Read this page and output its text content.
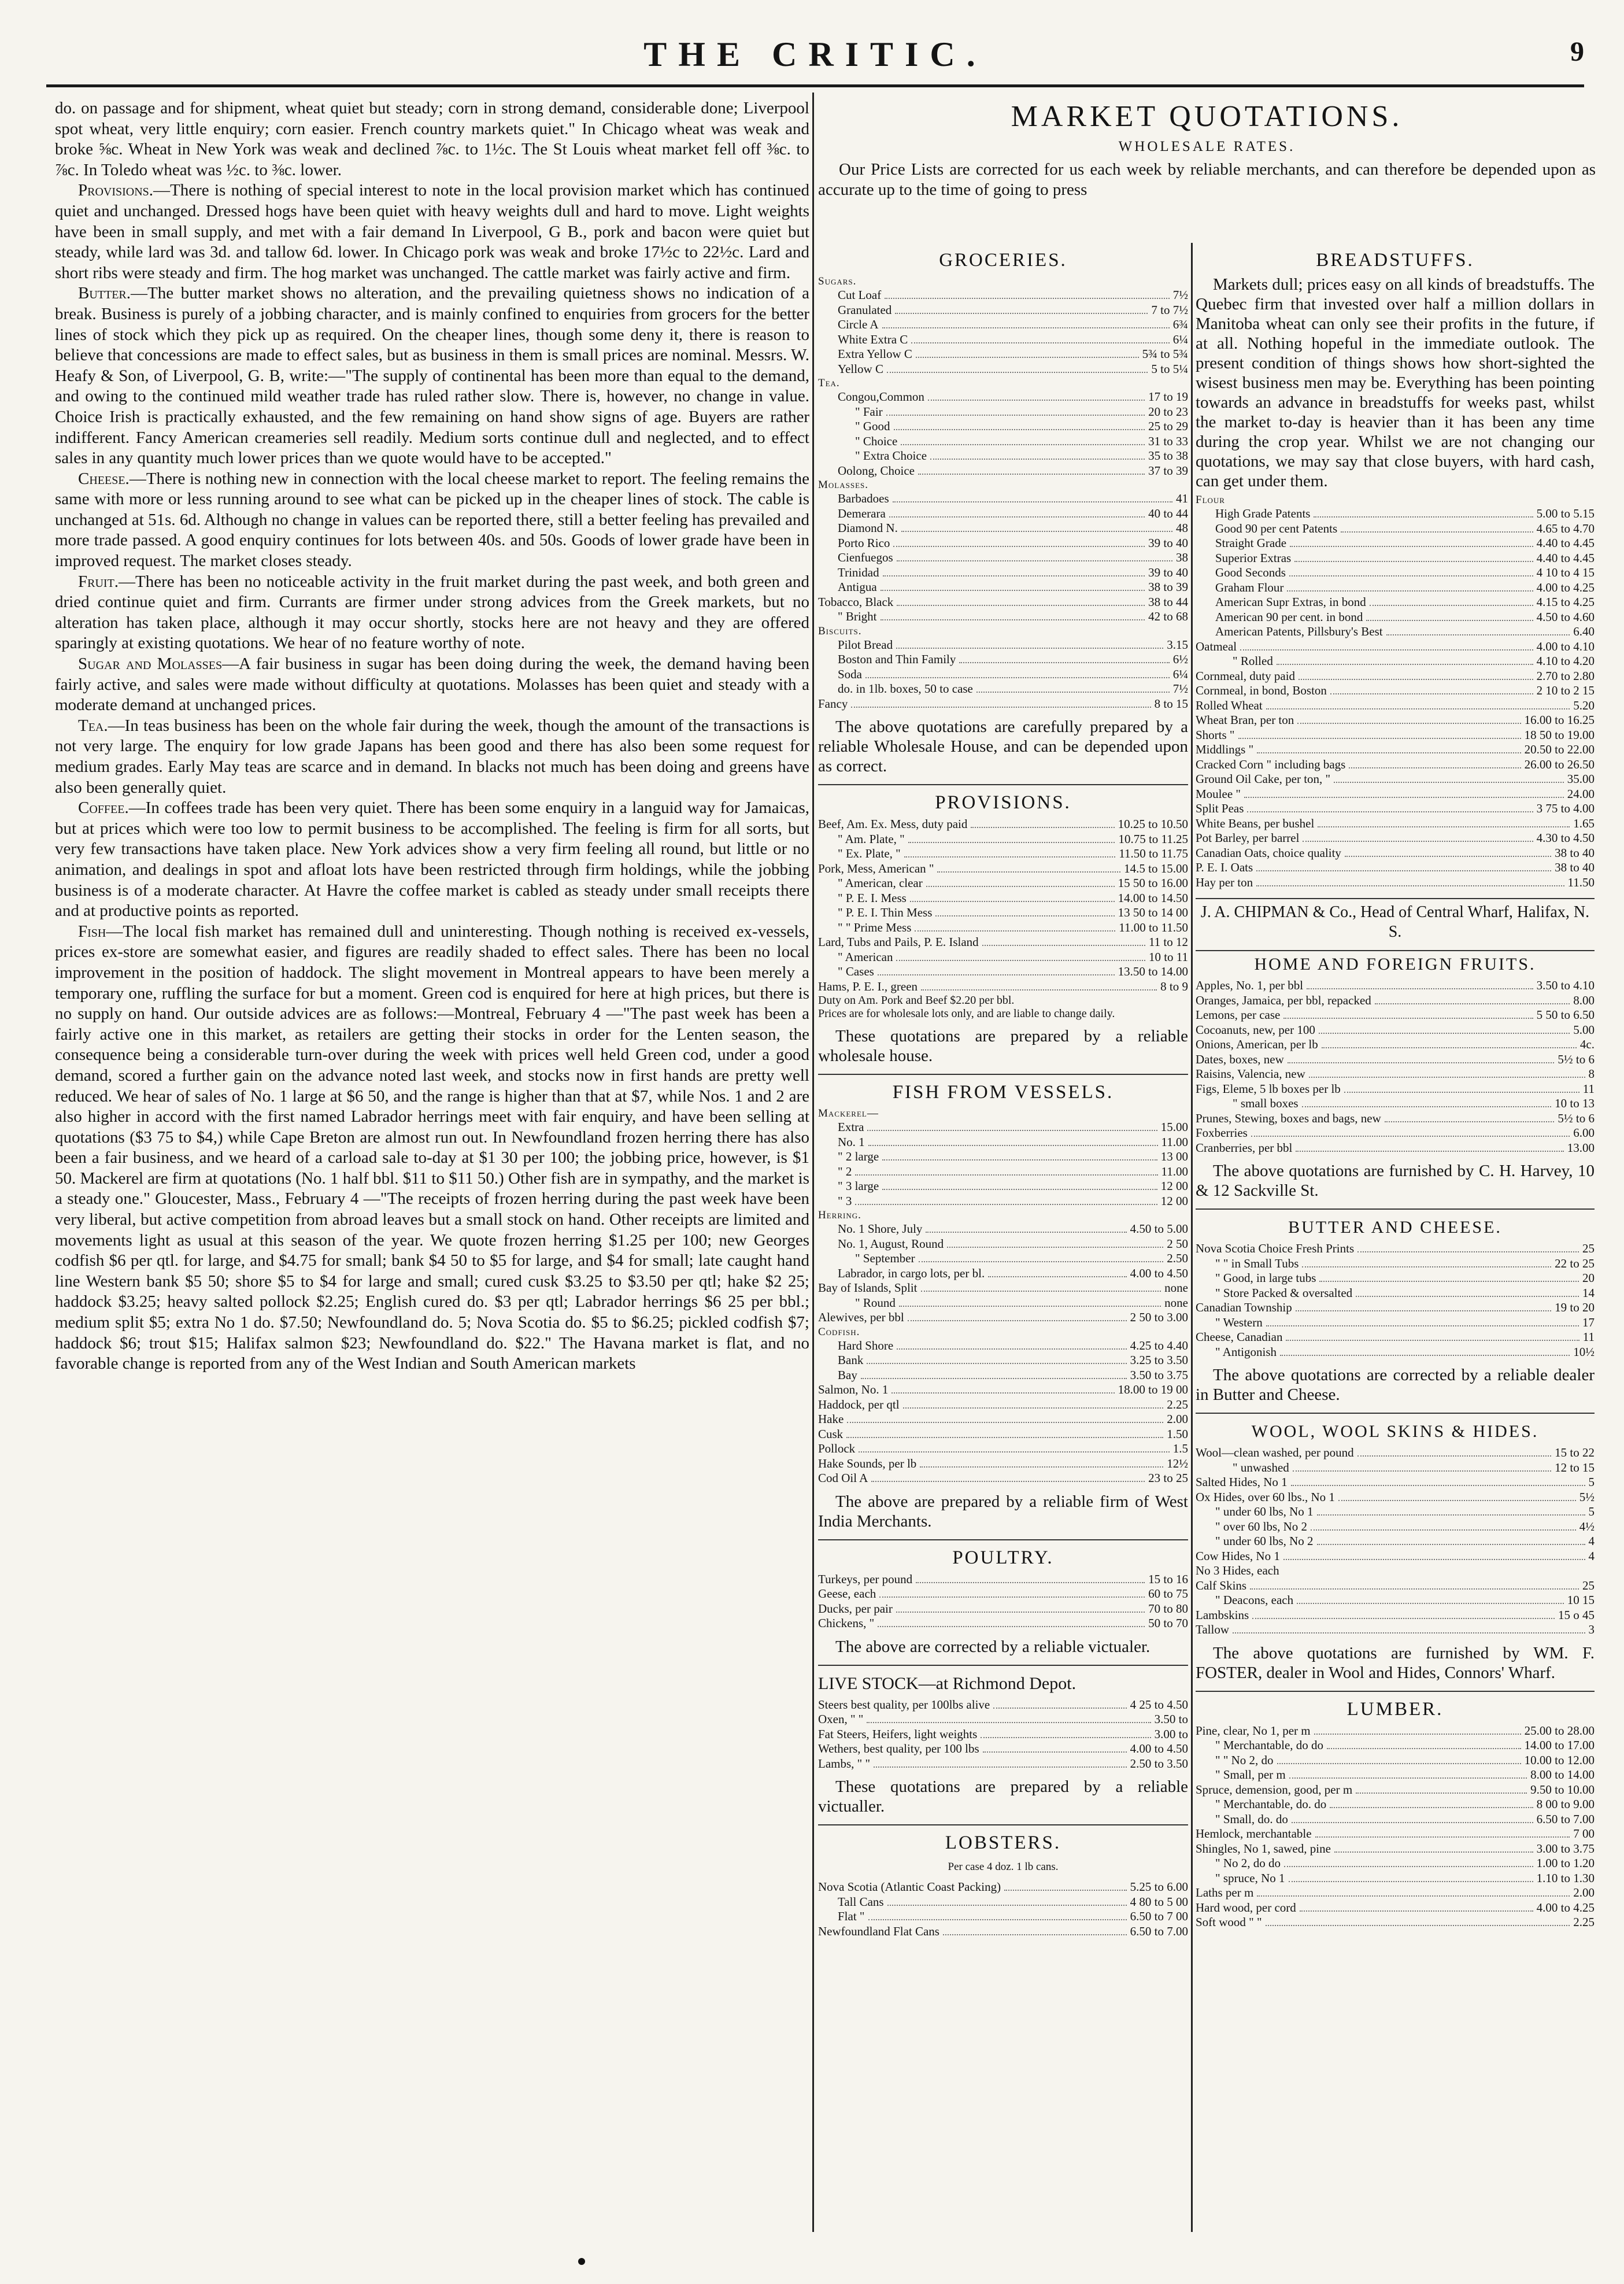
THE CRITIC.	9

do. on passage and for shipment, wheat quiet but steady; corn in strong demand, considerable done; Liverpool spot wheat, very little enquiry; corn easier. French country markets quiet." In Chicago wheat was weak and broke ⅝c. Wheat in New York was weak and declined ⅞c. to 1½c. The St Louis wheat market fell off ⅜c. to ⅞c. In Toledo wheat was ½c. to ⅜c. lower.

Provisions.—There is nothing of special interest to note in the local provision market which has continued quiet and unchanged. Dressed hogs have been quiet with heavy weights dull and hard to move. Light weights have been in small supply, and met with a fair demand In Liverpool, G B., pork and bacon were quiet but steady, while lard was 3d. and tallow 6d. lower. In Chicago pork was weak and broke 17½c to 22½c. Lard and short ribs were steady and firm. The hog market was unchanged. The cattle market was fairly active and firm.

Butter.—The butter market shows no alteration, and the prevailing quietness shows no indication of a break. Business is purely of a jobbing character, and is mainly confined to enquiries from grocers for the better lines of stock which they pick up as required. On the cheaper lines, though some deny it, there is reason to believe that concessions are made to effect sales, but as business in them is small prices are nominal. Messrs. W. Heafy & Son, of Liverpool, G. B, write:—"The supply of continental has been more than equal to the demand, and owing to the continued mild weather trade has ruled rather slow. There is, however, no change in value. Choice Irish is practically exhausted, and the few remaining on hand show signs of age. Buyers are rather indifferent. Fancy American creameries sell readily. Medium sorts continue dull and neglected, and to effect sales in any quantity much lower prices than we quote would have to be accepted."

Cheese.—There is nothing new in connection with the local cheese market to report. The feeling remains the same with more or less running around to see what can be picked up in the cheaper lines of stock. The cable is unchanged at 51s. 6d. Although no change in values can be reported there, still a better feeling has prevailed and more trade passed. A good enquiry continues for lots between 40s. and 50s. Goods of lower grade have been in improved request. The market closes steady.

Fruit.—There has been no noticeable activity in the fruit market during the past week, and both green and dried continue quiet and firm. Currants are firmer under strong advices from the Greek markets, but no alteration has taken place, although it may occur shortly, stocks here are not heavy and they are offered sparingly at existing quotations. We hear of no feature worthy of note.

Sugar and Molasses—A fair business in sugar has been doing during the week, the demand having been fairly active, and sales were made without difficulty at quotations. Molasses has been quiet and steady with a moderate demand at unchanged prices.

Tea.—In teas business has been on the whole fair during the week, though the amount of the transactions is not very large. The enquiry for low grade Japans has been good and there has also been some request for medium grades. Early May teas are scarce and in demand. In blacks not much has been doing and greens have also been generally quiet.

Coffee.—In coffees trade has been very quiet. There has been some enquiry in a languid way for Jamaicas, but at prices which were too low to permit business to be accomplished. The feeling is firm for all sorts, but very few transactions have taken place. New York advices show a very firm feeling all round, but little or no animation, and dealings in spot and afloat lots have been restricted through firm holdings, while the jobbing business is of a moderate character. At Havre the coffee market is cabled as steady under small receipts there and at productive points as reported.

Fish—The local fish market has remained dull and uninteresting. Though nothing is received ex-vessels, prices ex-store are somewhat easier, and figures are readily shaded to effect sales. There has been no local improvement in the position of haddock. The slight movement in Montreal appears to have been merely a temporary one, ruffling the surface for but a moment. Green cod is enquired for here at high prices, but there is no supply on hand. Our outside advices are as follows:—Montreal, February 4 —"The past week has been a fairly active one in this market, as retailers are getting their stocks in order for the Lenten season, the consequence being a considerable turn-over during the week with prices well held Green cod, under a good demand, scored a further gain on the advance noted last week, and stocks now in first hands are pretty well reduced. We hear of sales of No. 1 large at $6 50, and the range is higher than that at $7, while Nos. 1 and 2 are also higher in accord with the first named Labrador herrings meet with fair enquiry, and have been selling at quotations ($3 75 to $4,) while Cape Breton are almost run out. In Newfoundland frozen herring there has also been a fair business, and we heard of a carload sale to-day at $1 30 per 100; the jobbing price, however, is $1 50. Mackerel are firm at quotations (No. 1 half bbl. $11 to $11 50.) Other fish are in sympathy, and the market is a steady one." Gloucester, Mass., February 4 —"The receipts of frozen herring during the past week have been very liberal, but active competition from abroad leaves but a small stock on hand. Other receipts are limited and movements light as usual at this season of the year. We quote frozen herring $1.25 per 100; new Georges codfish $6 per qtl. for large, and $4.75 for small; bank $4 50 to $5 for large, and $4 for small; late caught hand line Western bank $5 50; shore $5 to $4 for large and small; cured cusk $3.25 to $3.50 per qtl; hake $2 25; haddock $3.25; heavy salted pollock $2.25; English cured do. $3 per qtl; Labrador herrings $6 25 per bbl.; medium split $5; extra No 1 do. $7.50; Newfoundland do. 5; Nova Scotia do. $5 to $6.25; pickled codfish $7; haddock $6; trout $15; Halifax salmon $23; Newfoundland do. $22." The Havana market is flat, and no favorable change is reported from any of the West Indian and South American markets

MARKET QUOTATIONS.
WHOLESALE RATES.
Our Price Lists are corrected for us each week by reliable merchants, and can therefore be depended upon as accurate up to the time of going to press
GROCERIES.
Sugars.
Cut Loaf	7½
Granulated	7 to 7½
Circle A	6¾
White Extra C	6¼
Extra Yellow C	5¾ to 5¾
Yellow C	5 to 5¼
Tea.
Congou,Common	17 to 19
" Fair	20 to 23
" Good	25 to 29
" Choice	31 to 33
" Extra Choice	35 to 38
Oolong, Choice	37 to 39
Molasses.
Barbadoes	41
Demerara	40 to 44
Diamond N.	48
Porto Rico	39 to 40
Cienfuegos	38
Trinidad	39 to 40
Antigua	38 to 39
Tobacco, Black	38 to 44
" Bright	42 to 68
Biscuits.
Pilot Bread	3.15
Boston and Thin Family	6½
Soda	6¼
do. in 1lb. boxes, 50 to case	7½
Fancy	8 to 15
The above quotations are carefully prepared by a reliable Wholesale House, and can be depended upon as correct.
PROVISIONS.
Beef, Am. Ex. Mess, duty paid	10.25 to 10.50
" Am. Plate, "	10.75 to 11.25
" Ex. Plate, "	11.50 to 11.75
Pork, Mess, American "	14.5 to 15.00
" American, clear	15 50 to 16.00
" P. E. I. Mess	14.00 to 14.50
" P. E. I. Thin Mess	13 50 to 14 00
" " Prime Mess	11.00 to 11.50
Lard, Tubs and Pails, P. E. Island	11 to 12
" American	10 to 11
" Cases	13.50 to 14.00
Hams, P. E. I., green	8 to 9
Duty on Am. Pork and Beef $2.20 per bbl.
Prices are for wholesale lots only, and are liable to change daily.
These quotations are prepared by a reliable wholesale house.
FISH FROM VESSELS.
Mackerel—
Extra	15.00
No. 1	11.00
" 2 large	13 00
" 2	11.00
" 3 large	12 00
" 3	12 00
Herring.
No. 1 Shore, July	4.50 to 5.00
No. 1, August, Round	2 50
" September	2.50
Labrador, in cargo lots, per bl.	4.00 to 4.50
Bay of Islands, Split	none
" Round	none
Alewives, per bbl	2 50 to 3.00
Codfish.
Hard Shore	4.25 to 4.40
Bank	3.25 to 3.50
Bay	3.50 to 3.75
Salmon, No. 1	18.00 to 19 00
Haddock, per qtl	2.25
Hake	2.00
Cusk	1.50
Pollock	1.5
Hake Sounds, per lb	12½
Cod Oil A	23 to 25
The above are prepared by a reliable firm of West India Merchants.
POULTRY.
Turkeys, per pound	15 to 16
Geese, each	60 to 75
Ducks, per pair	70 to 80
Chickens, "	50 to 70
The above are corrected by a reliable victualer.
LIVE STOCK—at Richmond Depot.
Steers best quality, per 100lbs alive	4 25 to 4.50
Oxen, " "	3.50 to
Fat Steers, Heifers, light weights	3.00 to
Wethers, best quality, per 100 lbs	4.00 to 4.50
Lambs, " "	2.50 to 3.50
These quotations are prepared by a reliable victualler.
LOBSTERS.
Per case 4 doz. 1 lb cans.
Nova Scotia (Atlantic Coast Packing)	5.25 to 6.00
Tall Cans	4 80 to 5 00
Flat "	6.50 to 7 00
Newfoundland Flat Cans	6.50 to 7.00
BREADSTUFFS.
Markets dull; prices easy on all kinds of breadstuffs. The Quebec firm that invested over half a million dollars in Manitoba wheat can only see their profits in the future, if at all. Nothing hopeful in the immediate outlook. The present condition of things shows how short-sighted the wisest business men may be. Everything has been pointing towards an advance in breadstuffs for weeks past, whilst the market to-day is heavier than it has been any time during the crop year. Whilst we are not changing our quotations, we may say that close buyers, with hard cash, can get under them.
Flour
High Grade Patents	5.00 to 5.15
Good 90 per cent Patents	4.65 to 4.70
Straight Grade	4.40 to 4.45
Superior Extras	4.40 to 4.45
Good Seconds	4 10 to 4 15
Graham Flour	4.00 to 4.25
American Supr Extras, in bond	4.15 to 4.25
American 90 per cent. in bond	4.50 to 4.60
American Patents, Pillsbury's Best	6.40
Oatmeal	4.00 to 4.10
" Rolled	4.10 to 4.20
Cornmeal, duty paid	2.70 to 2.80
Cornmeal, in bond, Boston	2 10 to 2 15
Rolled Wheat	5.20
Wheat Bran, per ton	16.00 to 16.25
Shorts "	18 50 to 19.00
Middlings "	20.50 to 22.00
Cracked Corn " including bags	26.00 to 26.50
Ground Oil Cake, per ton, "	35.00
Moulee "	24.00
Split Peas	3 75 to 4.00
White Beans, per bushel	1.65
Pot Barley, per barrel	4.30 to 4.50
Canadian Oats, choice quality	38 to 40
P. E. I. Oats	38 to 40
Hay per ton	11.50
J. A. CHIPMAN & Co., Head of Central Wharf, Halifax, N. S.
HOME AND FOREIGN FRUITS.
Apples, No. 1, per bbl	3.50 to 4.10
Oranges, Jamaica, per bbl, repacked	8.00
Lemons, per case	5 50 to 6.50
Cocoanuts, new, per 100	5.00
Onions, American, per lb	4c.
Dates, boxes, new	5½ to 6
Raisins, Valencia, new	8
Figs, Eleme, 5 lb boxes per lb	11
" small boxes	10 to 13
Prunes, Stewing, boxes and bags, new	5½ to 6
Foxberries	6.00
Cranberries, per bbl	13.00
The above quotations are furnished by C. H. Harvey, 10 & 12 Sackville St.
BUTTER AND CHEESE.
Nova Scotia Choice Fresh Prints	25
" " in Small Tubs	22 to 25
" Good, in large tubs	20
" Store Packed & oversalted	14
Canadian Township	19 to 20
" Western	17
Cheese, Canadian	11
" Antigonish	10½
The above quotations are corrected by a reliable dealer in Butter and Cheese.
WOOL, WOOL SKINS & HIDES.
Wool—clean washed, per pound	15 to 22
" unwashed	12 to 15
Salted Hides, No 1	5
Ox Hides, over 60 lbs., No 1	5½
" under 60 lbs, No 1	5
" over 60 lbs, No 2	4½
" under 60 lbs, No 2	4
Cow Hides, No 1	4
No 3 Hides, each
Calf Skins	25
" Deacons, each	10 15
Lambskins	15 o 45
Tallow	3
The above quotations are furnished by WM. F. FOSTER, dealer in Wool and Hides, Connors' Wharf.
LUMBER.
Pine, clear, No 1, per m	25.00 to 28.00
" Merchantable, do do	14.00 to 17.00
" " No 2, do	10.00 to 12.00
" Small, per m	8.00 to 14.00
Spruce, demension, good, per m	9.50 to 10.00
" Merchantable, do. do	8 00 to 9.00
" Small, do. do	6.50 to 7.00
Hemlock, merchantable	7 00
Shingles, No 1, sawed, pine	3.00 to 3.75
" No 2, do do	1.00 to 1.20
" spruce, No 1	1.10 to 1.30
Laths per m	2.00
Hard wood, per cord	4.00 to 4.25
Soft wood " "	2.25
